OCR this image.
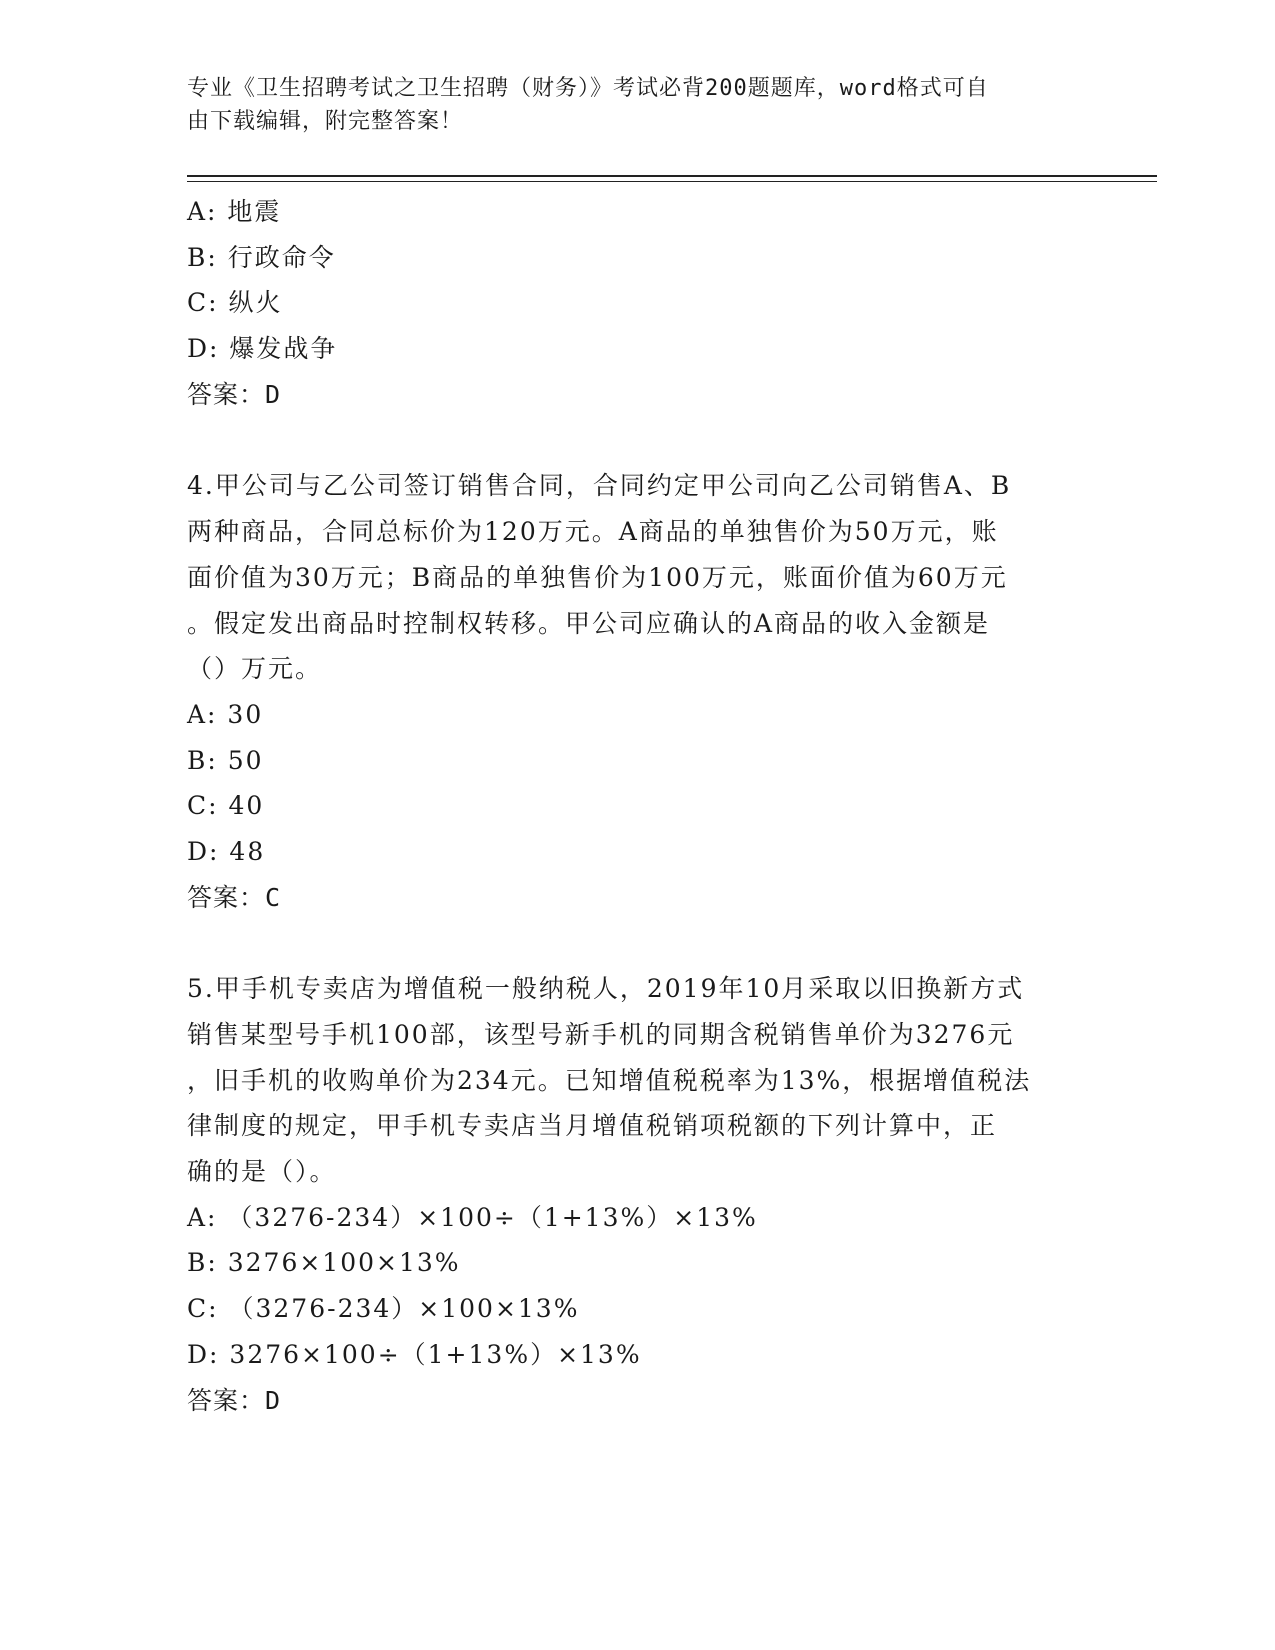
专业《卫生招聘考试之卫生招聘（财务）》考试必背200题题库，word格式可自
由下载编辑，附完整答案！
A: 地震
B: 行政命令
C: 纵火
D: 爆发战争
答案：D
4.甲公司与乙公司签订销售合同，合同约定甲公司向乙公司销售A、B
两种商品，合同总标价为120万元。A商品的单独售价为50万元，账
面价值为30万元；B商品的单独售价为100万元，账面价值为60万元
。假定发出商品时控制权转移。甲公司应确认的A商品的收入金额是
（）万元。
A: 30
B: 50
C: 40
D: 48
答案：C
5.甲手机专卖店为增值税一般纳税人，2019年10月采取以旧换新方式
销售某型号手机100部，该型号新手机的同期含税销售单价为3276元
，旧手机的收购单价为234元。已知增值税税率为13%，根据增值税法
律制度的规定，甲手机专卖店当月增值税销项税额的下列计算中，正
确的是（）。
A: （3276-234）×100÷（1+13%）×13%
B: 3276×100×13%
C: （3276-234）×100×13%
D: 3276×100÷（1+13%）×13%
答案：D
